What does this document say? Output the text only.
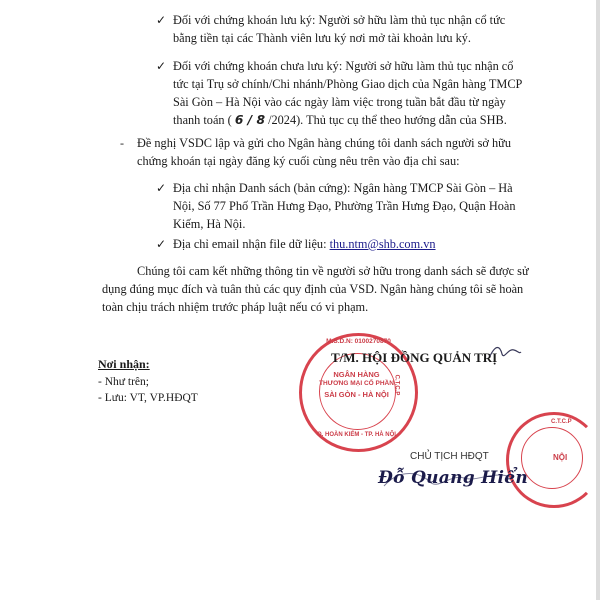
✓ Đối với chứng khoán lưu ký: Người sở hữu làm thủ tục nhận cổ tức
bằng tiền tại các Thành viên lưu ký nơi mở tài khoản lưu ký.
✓ Đối với chứng khoán chưa lưu ký: Người sở hữu làm thủ tục nhận cổ
tức tại Trụ sở chính/Chi nhánh/Phòng Giao dịch của Ngân hàng TMCP
Sài Gòn – Hà Nội vào các ngày làm việc trong tuần bắt đầu từ ngày
thanh toán ( 6 / 8 /2024). Thủ tục cụ thể theo hướng dẫn của SHB.
- Đề nghị VSDC lập và gửi cho Ngân hàng chúng tôi danh sách người sở hữu
chứng khoán tại ngày đăng ký cuối cùng nêu trên vào địa chỉ sau:
✓ Địa chỉ nhận Danh sách (bản cứng): Ngân hàng TMCP Sài Gòn – Hà
Nội, Số 77 Phố Trần Hưng Đạo, Phường Trần Hưng Đạo, Quận Hoàn
Kiếm, Hà Nội.
✓ Địa chỉ email nhận file dữ liệu: thu.ntm@shb.com.vn
Chúng tôi cam kết những thông tin về người sở hữu trong danh sách sẽ được sử
dụng đúng mục đích và tuân thủ các quy định của VSD. Ngân hàng chúng tôi sẽ hoàn
toàn chịu trách nhiệm trước pháp luật nếu có vi phạm.
Nơi nhận:
- Như trên;
- Lưu: VT, VP.HĐQT
M.S.D.N: 0100270870
C.T.C.P
NGÂN HÀNG
THƯƠNG MẠI CỔ PHẦN
SÀI GÒN - HÀ NỘI
Q. HOÀN KIẾM - TP. HÀ NỘI
T/M. HỘI ĐỒNG QUẢN TRỊ
C.T.C.P
NỘI
CHỦ TỊCH HĐQT
Đỗ Quang Hiển
